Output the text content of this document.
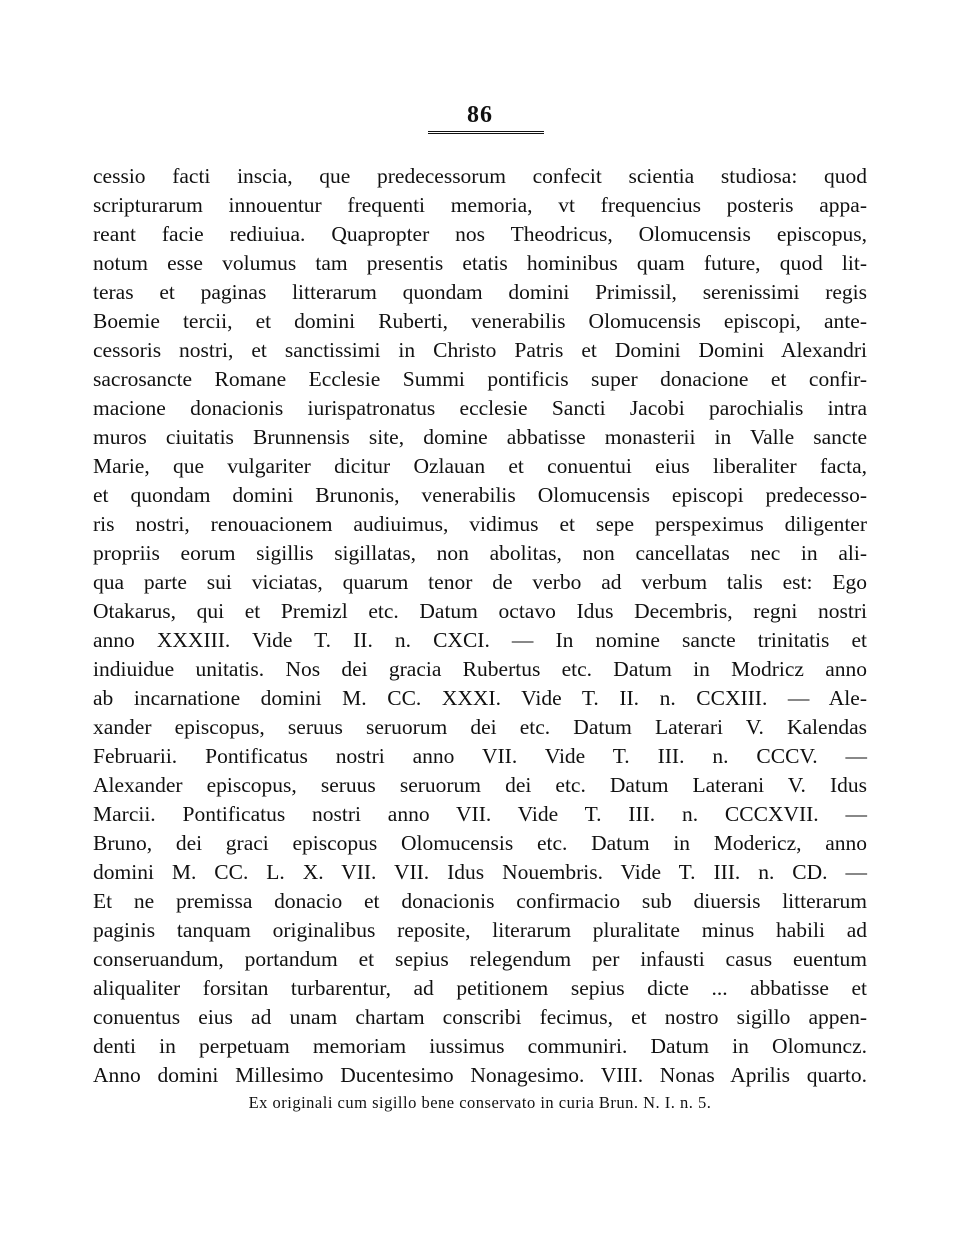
86
cessio facti inscia, que predecessorum confecit scientia studiosa: quod
scripturarum innouentur frequenti memoria, vt frequencius posteris appa-
reant facie rediuiua. Quapropter nos Theodricus, Olomucensis episcopus,
notum esse volumus tam presentis etatis hominibus quam future, quod lit-
teras et paginas litterarum quondam domini Primissil, serenissimi regis
Boemie tercii, et domini Ruberti, venerabilis Olomucensis episcopi, ante-
cessoris nostri, et sanctissimi in Christo Patris et Domini Domini Alexandri
sacrosancte Romane Ecclesie Summi pontificis super donacione et confir-
macione donacionis iurispatronatus ecclesie Sancti Jacobi parochialis intra
muros ciuitatis Brunnensis site, domine abbatisse monasterii in Valle sancte
Marie, que vulgariter dicitur Ozlauan et conuentui eius liberaliter facta,
et quondam domini Brunonis, venerabilis Olomucensis episcopi predecesso-
ris nostri, renouacionem audiuimus, vidimus et sepe perspeximus diligenter
propriis eorum sigillis sigillatas, non abolitas, non cancellatas nec in ali-
qua parte sui viciatas, quarum tenor de verbo ad verbum talis est: Ego
Otakarus, qui et Premizl etc. Datum octavo Idus Decembris, regni nostri
anno XXXIII. Vide T. II. n. CXCI. — In nomine sancte trinitatis et
indiuidue unitatis. Nos dei gracia Rubertus etc. Datum in Modricz anno
ab incarnatione domini M. CC. XXXI. Vide T. II. n. CCXIII. — Ale-
xander episcopus, seruus seruorum dei etc. Datum Laterari V. Kalendas
Februarii. Pontificatus nostri anno VII. Vide T. III. n. CCCV. —
Alexander episcopus, seruus seruorum dei etc. Datum Laterani V. Idus
Marcii. Pontificatus nostri anno VII. Vide T. III. n. CCCXVII. —
Bruno, dei graci episcopus Olomucensis etc. Datum in Modericz, anno
domini M. CC. L. X. VII. VII. Idus Nouembris. Vide T. III. n. CD. —
Et ne premissa donacio et donacionis confirmacio sub diuersis litterarum
paginis tanquam originalibus reposite, literarum pluralitate minus habili ad
conseruandum, portandum et sepius relegendum per infausti casus euentum
aliqualiter forsitan turbarentur, ad petitionem sepius dicte ... abbatisse et
conuentus eius ad unam chartam conscribi fecimus, et nostro sigillo appen-
denti in perpetuam memoriam iussimus communiri. Datum in Olomuncz.
Anno domini Millesimo Ducentesimo Nonagesimo. VIII. Nonas Aprilis quarto.
Ex originali cum sigillo bene conservato in curia Brun. N. I. n. 5.
